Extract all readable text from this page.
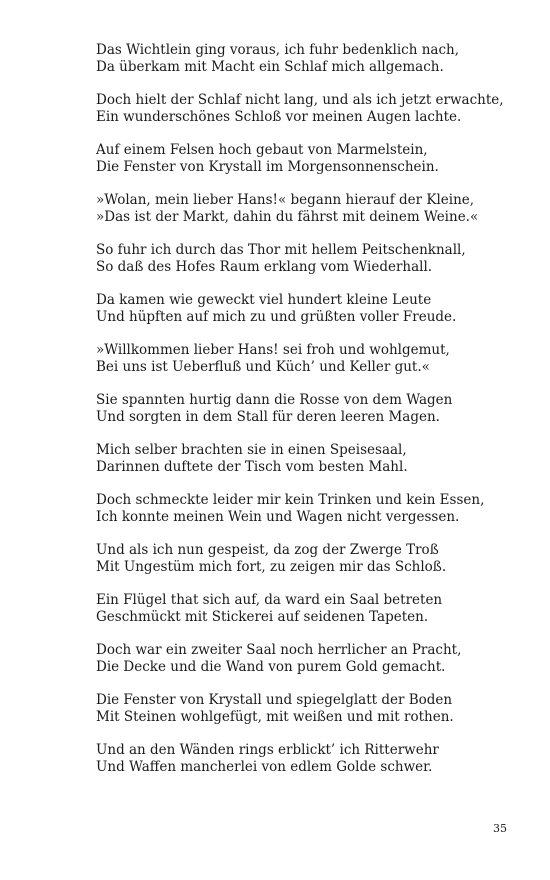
Das Wichtlein ging voraus, ich fuhr bedenklich nach,
Da überkam mit Macht ein Schlaf mich allgemach.
Doch hielt der Schlaf nicht lang, und als ich jetzt erwachte,
Ein wunderschönes Schloß vor meinen Augen lachte.
Auf einem Felsen hoch gebaut von Marmelstein,
Die Fenster von Krystall im Morgensonnenschein.
»Wolan, mein lieber Hans!« begann hierauf der Kleine,
»Das ist der Markt, dahin du fährst mit deinem Weine.«
So fuhr ich durch das Thor mit hellem Peitschenknall,
So daß des Hofes Raum erklang vom Wiederhall.
Da kamen wie geweckt viel hundert kleine Leute
Und hüpften auf mich zu und grüßten voller Freude.
»Willkommen lieber Hans! sei froh und wohlgemut,
Bei uns ist Ueberfluß und Küch’ und Keller gut.«
Sie spannten hurtig dann die Rosse von dem Wagen
Und sorgten in dem Stall für deren leeren Magen.
Mich selber brachten sie in einen Speisesaal,
Darinnen duftete der Tisch vom besten Mahl.
Doch schmeckte leider mir kein Trinken und kein Essen,
Ich konnte meinen Wein und Wagen nicht vergessen.
Und als ich nun gespeist, da zog der Zwerge Troß
Mit Ungestüm mich fort, zu zeigen mir das Schloß.
Ein Flügel that sich auf, da ward ein Saal betreten
Geschmückt mit Stickerei auf seidenen Tapeten.
Doch war ein zweiter Saal noch herrlicher an Pracht,
Die Decke und die Wand von purem Gold gemacht.
Die Fenster von Krystall und spiegelglatt der Boden
Mit Steinen wohlgefügt, mit weißen und mit rothen.
Und an den Wänden rings erblickt’ ich Ritterwehr
Und Waffen mancherlei von edlem Golde schwer.
35
